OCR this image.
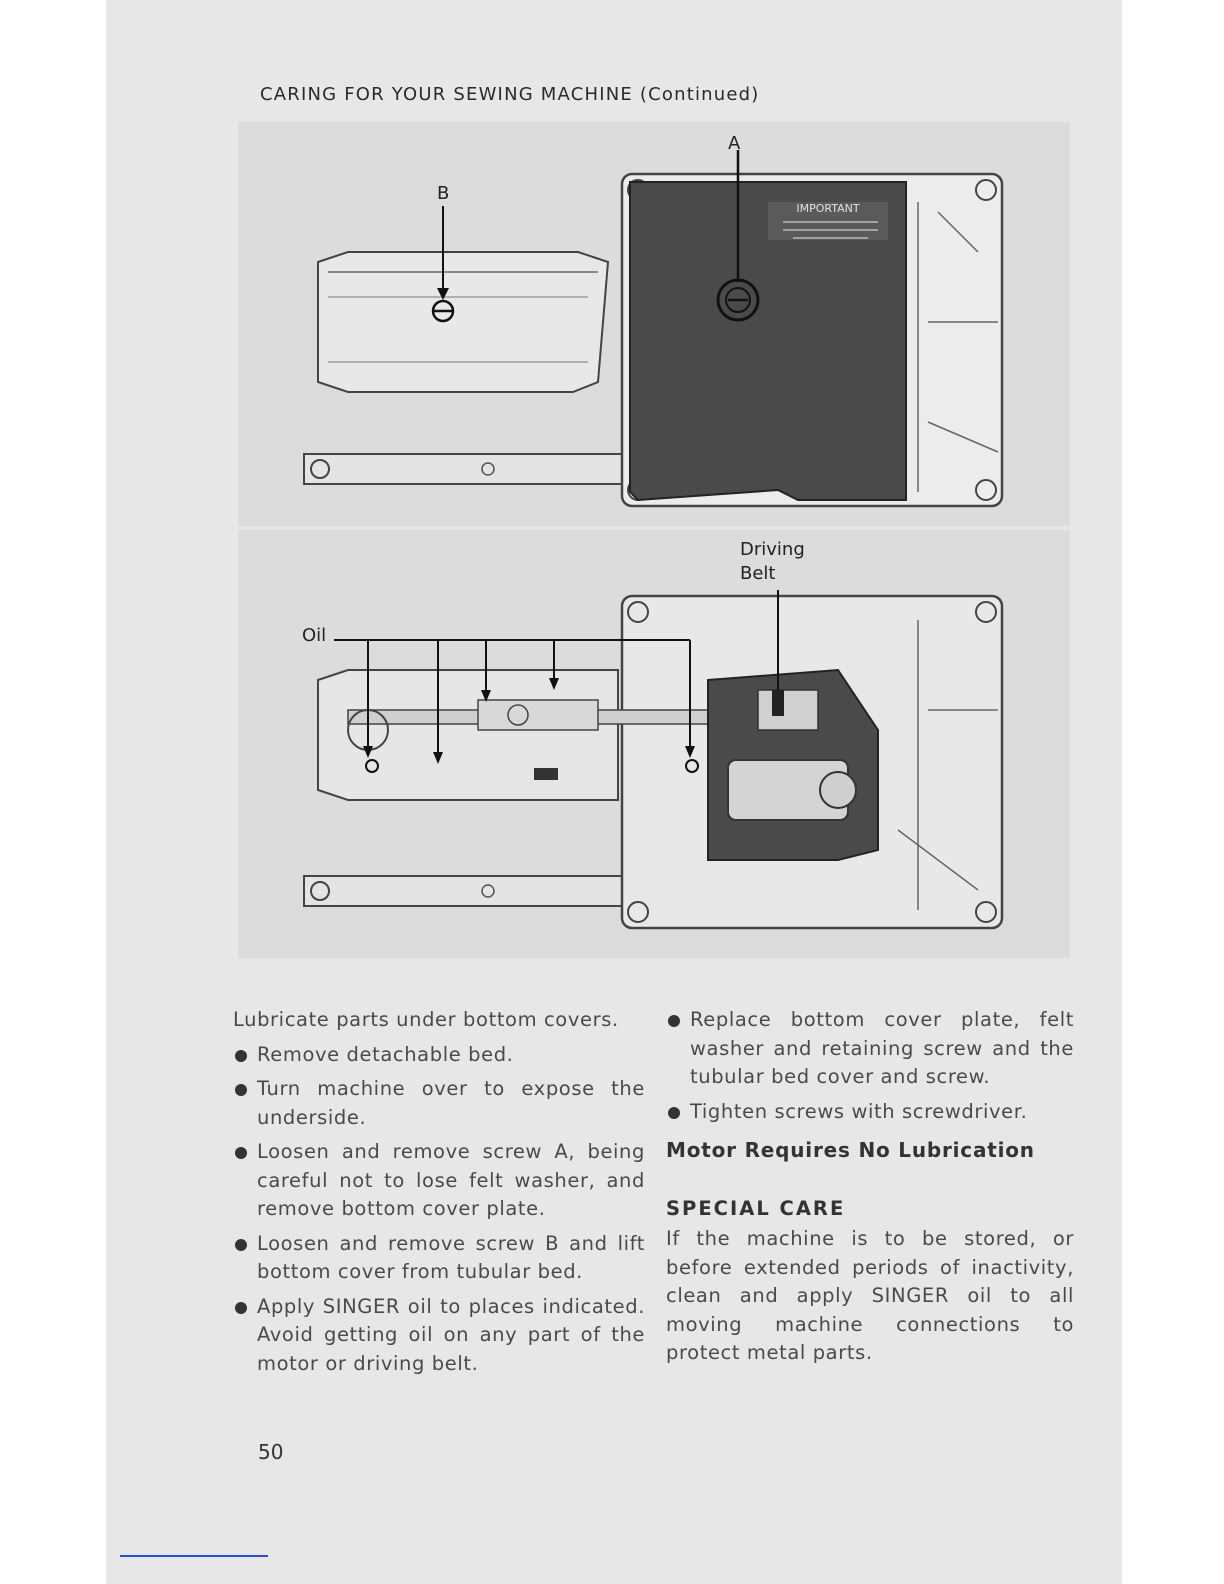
CARING FOR YOUR SEWING MACHINE (Continued)
IMPORTANT
A
B
Driving
Belt
Oil

Lubricate parts under bottom covers.

Remove detachable bed.
Turn machine over to expose the underside.
Loosen and remove screw A, being careful not to lose felt washer, and remove bottom cover plate.
Loosen and remove screw B and lift bottom cover from tubular bed.
Apply SINGER oil to places indicated. Avoid getting oil on any part of the motor or driving belt.
Replace bottom cover plate, felt washer and retaining screw and the tubular bed cover and screw.
Tighten screws with screwdriver.
Motor Requires No Lubrication
SPECIAL CARE

If the machine is to be stored, or before extended periods of inactivity, clean and apply SINGER oil to all moving machine connections to protect metal parts.

50
